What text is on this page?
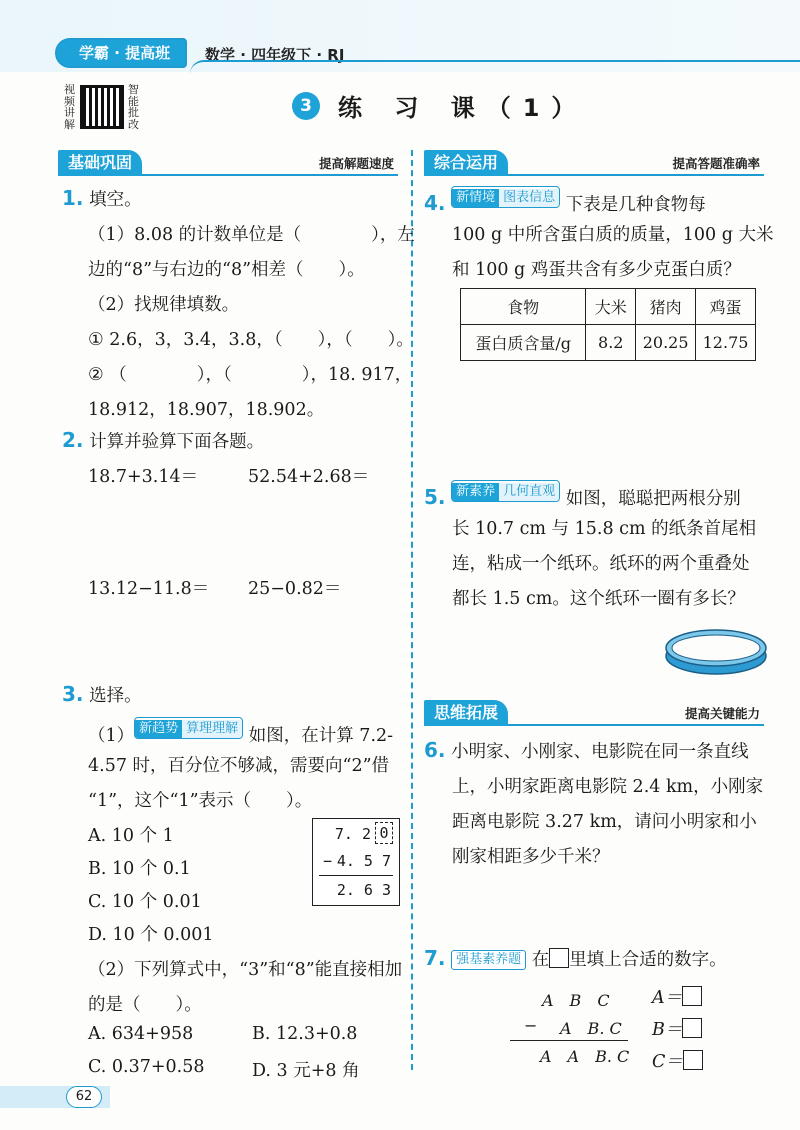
学霸 · 提高班	数学 · 四年级下 · RJ
视频讲解
智能批改
3	练 习 课（1）
基础巩固	提高解题速度
1. 填空。
（1）8.08 的计数单位是（　　　　），左
边的“8”与右边的“8”相差（　　）。
（2）找规律填数。
① 2.6，3，3.4，3.8，（　　），（　　）。
② （　　　　），（　　　　），18. 917，
18.912，18.907，18.902。
2. 计算并验算下面各题。
18.7+3.14＝	52.54+2.68＝
13.12−11.8＝ 25−0.82＝
3. 选择。
（1） 新趋势 算理理解 如图，在计算 7.2-
4.57 时，百分位不够减，需要向“2”借
“1”，这个“1”表示（　　）。
A. 10 个 1
B. 10 个 0.1
C. 10 个 0.01
D. 10 个 0.001
7. 2 0
− 4. 5 7
2. 6 3
（2）下列算式中，“3”和“8”能直接相加
的是（　　）。
A. 634+958	B. 12.3+0.8
C. 0.37+0.58	D. 3 元+8 角
综合运用	提高答题准确率
4. 新情境 图表信息 下表是几种食物每
100 g 中所含蛋白质的质量，100 g 大米
和 100 g 鸡蛋共含有多少克蛋白质？
食物	大米	猪肉	鸡蛋
蛋白质含量/g	8.2	20.25	12.75
5. 新素养 几何直观 如图，聪聪把两根分别
长 10.7 cm 与 15.8 cm 的纸条首尾相
连，粘成一个纸环。纸环的两个重叠处
都长 1.5 cm。这个纸环一圈有多长？
思维拓展	提高关键能力
6. 小明家、小刚家、电影院在同一条直线
上，小明家距离电影院 2.4 km，小刚家
距离电影院 3.27 km，请问小明家和小
刚家相距多少千米？
7. 强基素养题 在 里填上合适的数字。
A　B　C
− A　B. C
A　A　B. C
A＝
B＝
C＝
62
